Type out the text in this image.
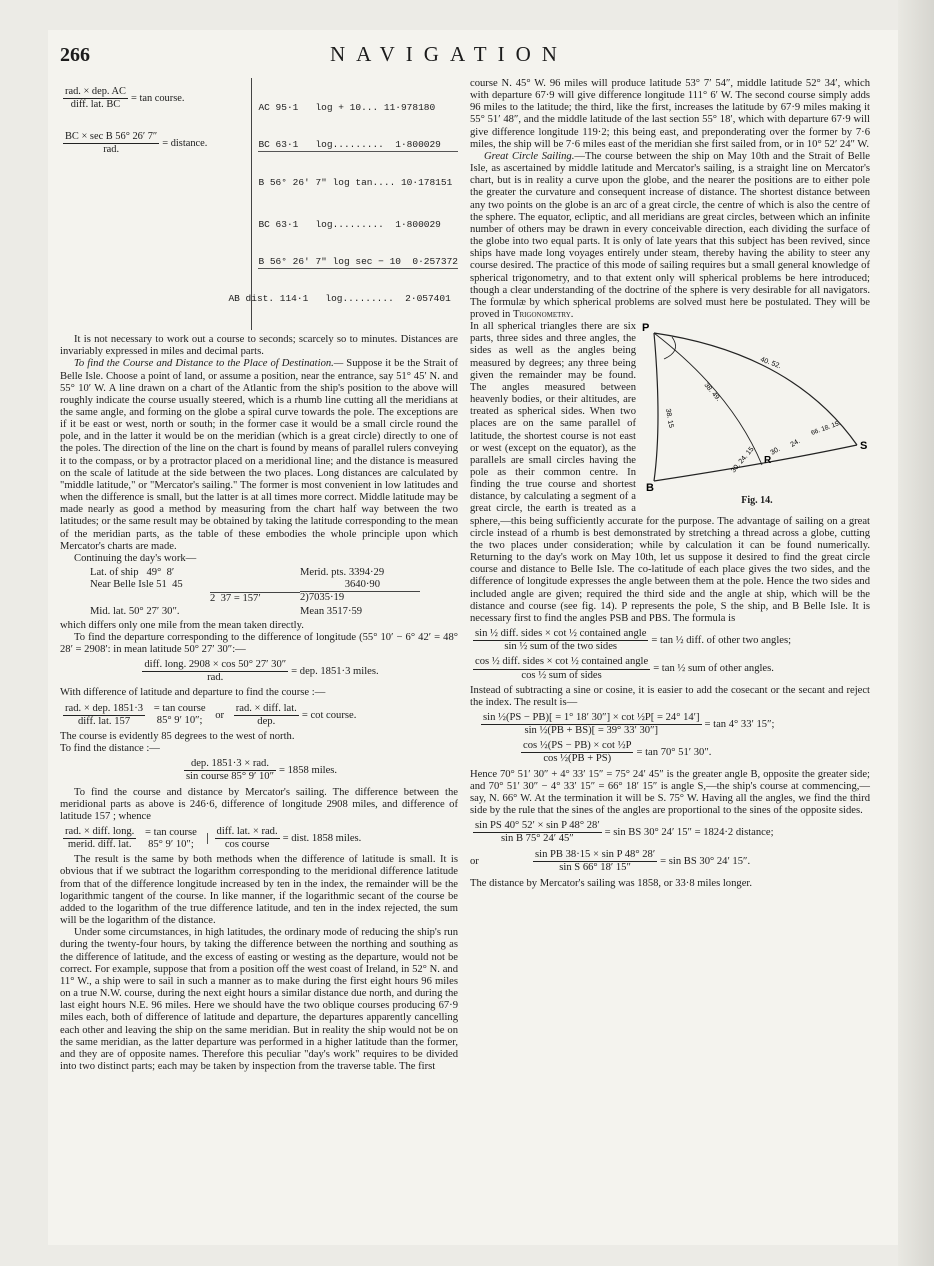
266	NAVIGATION
$\frac{\text{rad. × dep. AC}}{\text{diff. lat. BC}} = \tan$ course.
$\frac{\text{BC × sec B 56° 26′ 7″}}{\text{rad.}}$ = distance.

AC 95·1   log + 10... 11·978180

BC 63·1   log.........  1·800029

B 56° 26′ 7″ log tan.... 10·178151

BC 63·1   log.........  1·800029

B 56° 26′ 7″ log sec − 10  0·257372

AB dist. 114·1   log.........  2·057401

It is not necessary to work out a course to seconds; scarcely so to minutes. Distances are invariably expressed in miles and decimal parts.

To find the Course and Distance to the Place of Destination.— Suppose it be the Strait of Belle Isle. Choose a point of land, or assume a position, near the entrance, say 51° 45′ N. and 55° 10′ W. A line drawn on a chart of the Atlantic from the ship's position to the above will roughly indicate the course usually steered, which is a rhumb line cutting all the meridians at the same angle, and forming on the globe a spiral curve towards the pole. The exceptions are if it be east or west, north or south; in the former case it would be a small circle round the pole, and in the latter it would be on the meridian (which is a great circle) directly to one of the poles. The direction of the line on the chart is found by means of parallel rulers conveying it to the compass, or by a protractor placed on a meridional line; and the distance is measured on the scale of latitude at the side between the two places. Long distances are calculated by "middle latitude," or "Mercator's sailing." The former is most convenient in low latitudes and when the difference is small, but the latter is at all times more correct. Middle latitude may be made nearly as good a method by measuring from the chart half way between the two latitudes; or the same result may be obtained by taking the latitude corresponding to the mean of the meridian parts, as the table of these embodies the whole principle upon which Mercator's charts are made.

Continuing the day's work—

Lat. of ship   49°  8′	Merid. pts. 3394·29
Near Belle Isle 51  45	3640·90
2  37 = 157′	2)7035·19
Mid. lat. 50° 27′ 30″.	Mean 3517·59

which differs only one mile from the mean taken directly.

To find the departure corresponding to the difference of longitude (55° 10′ − 6° 42′ = 48° 28′ = 2908′: in mean latitude 50° 27′ 30″:—

$\frac{\text{diff. long. 2908 × cos 50° 27′ 30″}}{\text{rad.}}$ = dep. 1851·3 miles.

With difference of latitude and departure to find the course :—

$\frac{\text{rad. × dep. 1851·3}}{\text{diff. lat. 157}}$
= tan course
85° 9′ 10″;
or $\frac{\text{rad. × diff. lat.}}{\text{dep.}} = \cot$ course.

The course is evidently 85 degrees to the west of north.

To find the distance :—

$\frac{\text{dep. 1851·3 × rad.}}{\text{sin course 85° 9′ 10″}} = 1858$ miles.

To find the course and distance by Mercator's sailing. The difference between the meridional parts as above is 246·6, difference of longitude 2908 miles, and difference of latitude 157 ; whence

$\frac{\text{rad. × diff. long.}}{\text{merid. diff. lat.}}$
= tan course
85° 9′ 10″;
$\frac{\text{diff. lat. × rad.}}{\text{cos course}}$ = dist. 1858 miles.

The result is the same by both methods when the difference of latitude is small. It is obvious that if we subtract the logarithm corresponding to the meridional difference latitude from that of the difference longitude increased by ten in the index, the remainder will be the logarithmic tangent of the course. In like manner, if the logarithmic secant of the course be added to the logarithm of the true difference latitude, and ten in the index rejected, the sum will be the logarithm of the distance.

Under some circumstances, in high latitudes, the ordinary mode of reducing the ship's run during the twenty-four hours, by taking the difference between the northing and southing as the difference of latitude, and the excess of easting or westing as the departure, would not be correct. For example, suppose that from a position off the west coast of Ireland, in 52° N. and 11° W., a ship were to sail in such a manner as to make during the first eight hours 96 miles on a true N.W. course, during the next eight hours a similar distance due north, and during the last eight hours N.E. 96 miles. Here we should have the two oblique courses producing 67·9 miles each, both of difference of latitude and departure, the departures apparently cancelling each other and leaving the ship on the same meridian. But in reality the ship would not be on the same meridian, as the latter departure was performed in a higher latitude than the former, and they are of opposite names. Therefore this peculiar "day's work" requires to be divided into two distinct parts; each may be taken by inspection from the traverse table. The first

course N. 45° W. 96 miles will produce latitude 53° 7′ 54″, middle latitude 52° 34′, which with departure 67·9 will give difference longitude 111° 6′ W. The second course simply adds 96 miles to the latitude; the third, like the first, increases the latitude by 67·9 miles making it 55° 51′ 48″, and the middle latitude of the last section 55° 18′, which with departure 67·9 will give difference longitude 119·2; this being east, and preponderating over the former by 7·6 miles, the ship will be 7·6 miles east of the meridian she first sailed from, or in 10° 52′ 24″ W.

Great Circle Sailing.—The course between the ship on May 10th and the Strait of Belle Isle, as ascertained by middle latitude and Mercator's sailing, is a straight line on Mercator's chart, but is in reality a curve upon the globe, and the nearer the positions are to either pole the greater the curvature and consequent increase of distance. The shortest distance between any two points on the globe is an arc of a great circle, the centre of which is also the centre of the sphere. The equator, ecliptic, and all meridians are great circles, between which an infinite number of others may be drawn in every conceivable direction, each dividing the surface of the globe into two equal parts. It is only of late years that this subject has been revived, since ships have made long voyages entirely under steam, thereby having the ability to steer any course desired. The practice of this mode of sailing requires but a small general knowledge of spherical trigonometry, and to that extent only will spherical problems be here introduced; though a clear understanding of the doctrine of the sphere is very desirable for all navigators. The formulæ by which spherical problems are solved must here be postulated. They will be proved in Trigonometry.

P
S
B
R
40. 52.
38. 49.
38. 15	66. 18. 15.
30. 24. 15. 30.
24.
Fig. 14.
In all spherical triangles there are six parts, three sides and three angles, the sides as well as the angles being measured by degrees; any three being given the remainder may be found. The angles measured between heavenly bodies, or their altitudes, are treated as spherical sides. When two places are on the same parallel of latitude, the shortest course is not east or west (except on the equator), as the parallels are small circles having the pole as their common centre. In finding the true course and shortest distance, by calculating a segment of a great circle, the earth is treated as a sphere,—this being sufficiently accurate for the purpose. The advantage of sailing on a great circle instead of a rhumb is best demonstrated by stretching a thread across a globe, cutting the two places under consideration; while by calculation it can be found numerically. Returning to the day's work on May 10th, let us suppose it desired to find the great circle course and distance to Belle Isle. The co-latitude of each place gives the two sides, and the difference of longitude expresses the angle between them at the pole. Hence the two sides and included angle are given; required the third side and the angle at ship, which will be the distance and course (see fig. 14). P represents the pole, S the ship, and B Belle Isle. It is necessary first to find the angles PSB and PBS. The formula is

$\frac{\text{sin ½ diff. sides × cot ½ contained angle}}{\text{sin ½ sum of the two sides}} = \tan$ ½ diff. of other two angles;
$\frac{\text{cos ½ diff. sides × cot ½ contained angle}}{\text{cos ½ sum of sides}} = \tan$ ½ sum of other angles.

Instead of subtracting a sine or cosine, it is easier to add the cosecant or the secant and reject the index. The result is—

$\frac{\text{sin ½(PS − PB)[ = 1° 18′ 30″] × cot ½P[ = 24° 14′]}}{\text{sin ½(PB + BS)[ = 39° 33′ 30″]}} = \tan 4^\circ$ 33′ 15″;
$\frac{\text{cos ½(PS − PB) × cot ½P}}{\text{cos ½(PB + PS)}} = \tan 70^\circ$ 51′ 30″.

Hence 70° 51′ 30″ + 4° 33′ 15″ = 75° 24′ 45″ is the greater angle B, opposite the greater side; and 70° 51′ 30″ − 4° 33′ 15″ = 66° 18′ 15″ is angle S,—the ship's course at commencing,—say, N. 66° W. At the termination it will be S. 75° W. Having all the angles, we find the third side by the rule that the sines of the angles are proportional to the sines of the opposite sides.

$\frac{\text{sin PS 40° 52′ × sin P 48° 28′}}{\text{sin B 75° 24′ 45″}} = \sin$ BS 30° 24′ 15″ = 1824·2 distance;
or	$\frac{\text{sin PB 38·15 × sin P 48° 28′}}{\text{sin S 66° 18′ 15″}} = \sin$ BS 30° 24′ 15″.

The distance by Mercator's sailing was 1858, or 33·8 miles longer.
